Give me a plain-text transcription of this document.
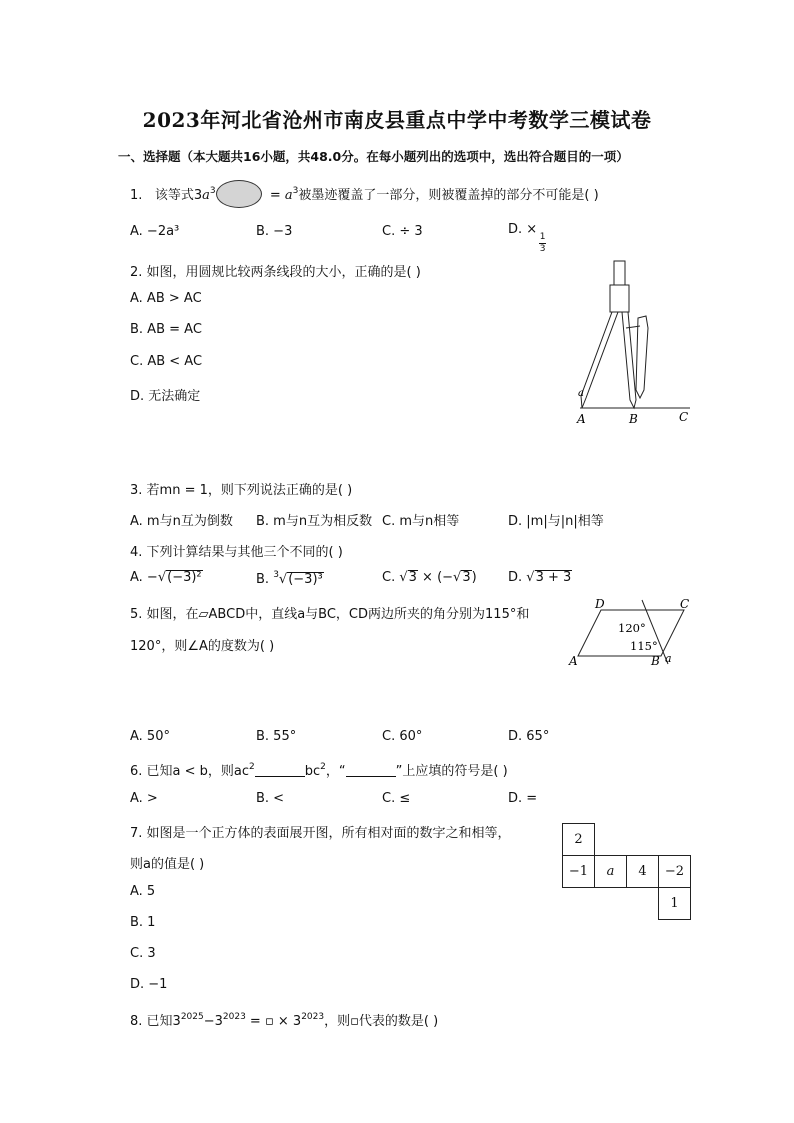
2023年河北省沧州市南皮县重点中学中考数学三模试卷
一、选择题（本大题共16小题，共48.0分。在每小题列出的选项中，选出符合题目的一项）
1. 该等式$3a^3$	= $a^3$被墨迹覆盖了一部分，则被覆盖掉的部分不可能是( )
A. −2a³	B. −3	C. ÷ 3	D. ×
$\frac{1}{3}$
2. 如图，用圆规比较两条线段的大小，正确的是( )
A. AB > AC
B. AB = AC
C. AB < AC
D. 无法确定
A	B	C
a
3. 若mn = 1，则下列说法正确的是( )
A. m与n互为倒数 B. m与n互为相反数 C. m与n相等	D. |m|与|n|相等
4. 下列计算结果与其他三个不同的( )
A. −√(−3)²	B. $^3$√(−3)³	C. √3 × (−√3) D. √3 + 3
5. 如图，在▱ABCD中，直线a与BC，CD两边所夹的角分别为115°和
120°，则∠A的度数为( )
D	C
A	B a
120°
115°
A. 50°	B. 55°	C. 60°	D. 65°
6. 已知a < b，则$ac^2$	$bc^2$，“	”上应填的符号是( )
A. >	B. <	C. ≤	D. =
7. 如图是一个正方体的表面展开图，所有相对面的数字之和相等，
则a的值是( )
A. 5
B. 1
C. 3
D. −1
2			
−1	a	4	−2
			1
8. 已知$3^{2025}-3^{2023}$ = ▫ × $3^{2023}$，则▫代表的数是( )
